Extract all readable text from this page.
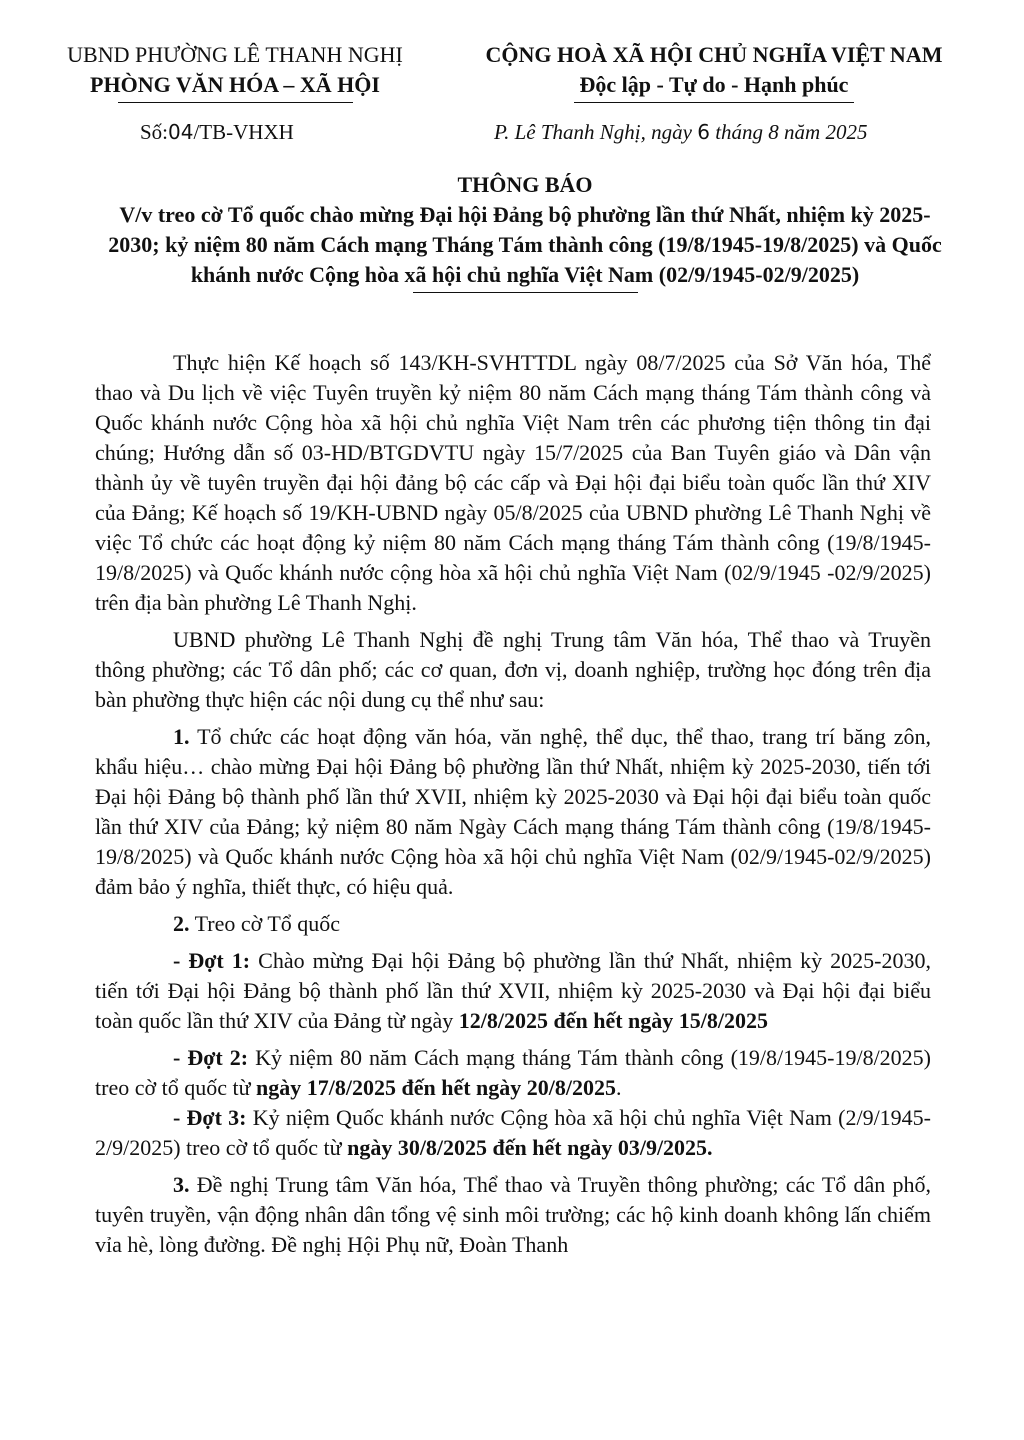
UBND PHƯỜNG LÊ THANH NGHỊ
PHÒNG VĂN HÓA – XÃ HỘI
CỘNG HOÀ XÃ HỘI CHỦ NGHĨA VIỆT NAM
Độc lập - Tự do - Hạnh phúc
Số:04/TB-VHXH	P. Lê Thanh Nghị, ngày 6 tháng 8 năm 2025
THÔNG BÁO
V/v treo cờ Tổ quốc chào mừng Đại hội Đảng bộ phường lần thứ Nhất, nhiệm kỳ 2025-2030; kỷ niệm 80 năm Cách mạng Tháng Tám thành công (19/8/1945-19/8/2025) và Quốc khánh nước Cộng hòa xã hội chủ nghĩa Việt Nam (02/9/1945-02/9/2025)

Thực hiện Kế hoạch số 143/KH-SVHTTDL ngày 08/7/2025 của Sở Văn hóa, Thể thao và Du lịch về việc Tuyên truyền kỷ niệm 80 năm Cách mạng tháng Tám thành công và Quốc khánh nước Cộng hòa xã hội chủ nghĩa Việt Nam trên các phương tiện thông tin đại chúng; Hướng dẫn số 03-HD/BTGDVTU ngày 15/7/2025 của Ban Tuyên giáo và Dân vận thành ủy về tuyên truyền đại hội đảng bộ các cấp và Đại hội đại biểu toàn quốc lần thứ XIV của Đảng; Kế hoạch số 19/KH-UBND ngày 05/8/2025 của UBND phường Lê Thanh Nghị về việc Tổ chức các hoạt động kỷ niệm 80 năm Cách mạng tháng Tám thành công (19/8/1945- 19/8/2025) và Quốc khánh nước cộng hòa xã hội chủ nghĩa Việt Nam (02/9/1945 -02/9/2025) trên địa bàn phường Lê Thanh Nghị.

UBND phường Lê Thanh Nghị đề nghị Trung tâm Văn hóa, Thể thao và Truyền thông phường; các Tổ dân phố; các cơ quan, đơn vị, doanh nghiệp, trường học đóng trên địa bàn phường thực hiện các nội dung cụ thể như sau:

1. Tổ chức các hoạt động văn hóa, văn nghệ, thể dục, thể thao, trang trí băng zôn, khẩu hiệu… chào mừng Đại hội Đảng bộ phường lần thứ Nhất, nhiệm kỳ 2025-2030, tiến tới Đại hội Đảng bộ thành phố lần thứ XVII, nhiệm kỳ 2025-2030 và Đại hội đại biểu toàn quốc lần thứ XIV của Đảng; kỷ niệm 80 năm Ngày Cách mạng tháng Tám thành công (19/8/1945-19/8/2025) và Quốc khánh nước Cộng hòa xã hội chủ nghĩa Việt Nam (02/9/1945-02/9/2025) đảm bảo ý nghĩa, thiết thực, có hiệu quả.

2. Treo cờ Tổ quốc

- Đợt 1: Chào mừng Đại hội Đảng bộ phường lần thứ Nhất, nhiệm kỳ 2025-2030, tiến tới Đại hội Đảng bộ thành phố lần thứ XVII, nhiệm kỳ 2025-2030 và Đại hội đại biểu toàn quốc lần thứ XIV của Đảng từ ngày 12/8/2025 đến hết ngày 15/8/2025

- Đợt 2: Kỷ niệm 80 năm Cách mạng tháng Tám thành công (19/8/1945-19/8/2025) treo cờ tổ quốc từ ngày 17/8/2025 đến hết ngày 20/8/2025.

- Đợt 3: Kỷ niệm Quốc khánh nước Cộng hòa xã hội chủ nghĩa Việt Nam (2/9/1945-2/9/2025) treo cờ tổ quốc từ ngày 30/8/2025 đến hết ngày 03/9/2025.

3. Đề nghị Trung tâm Văn hóa, Thể thao và Truyền thông phường; các Tổ dân phố, tuyên truyền, vận động nhân dân tổng vệ sinh môi trường; các hộ kinh doanh không lấn chiếm vỉa hè, lòng đường. Đề nghị Hội Phụ nữ, Đoàn Thanh
